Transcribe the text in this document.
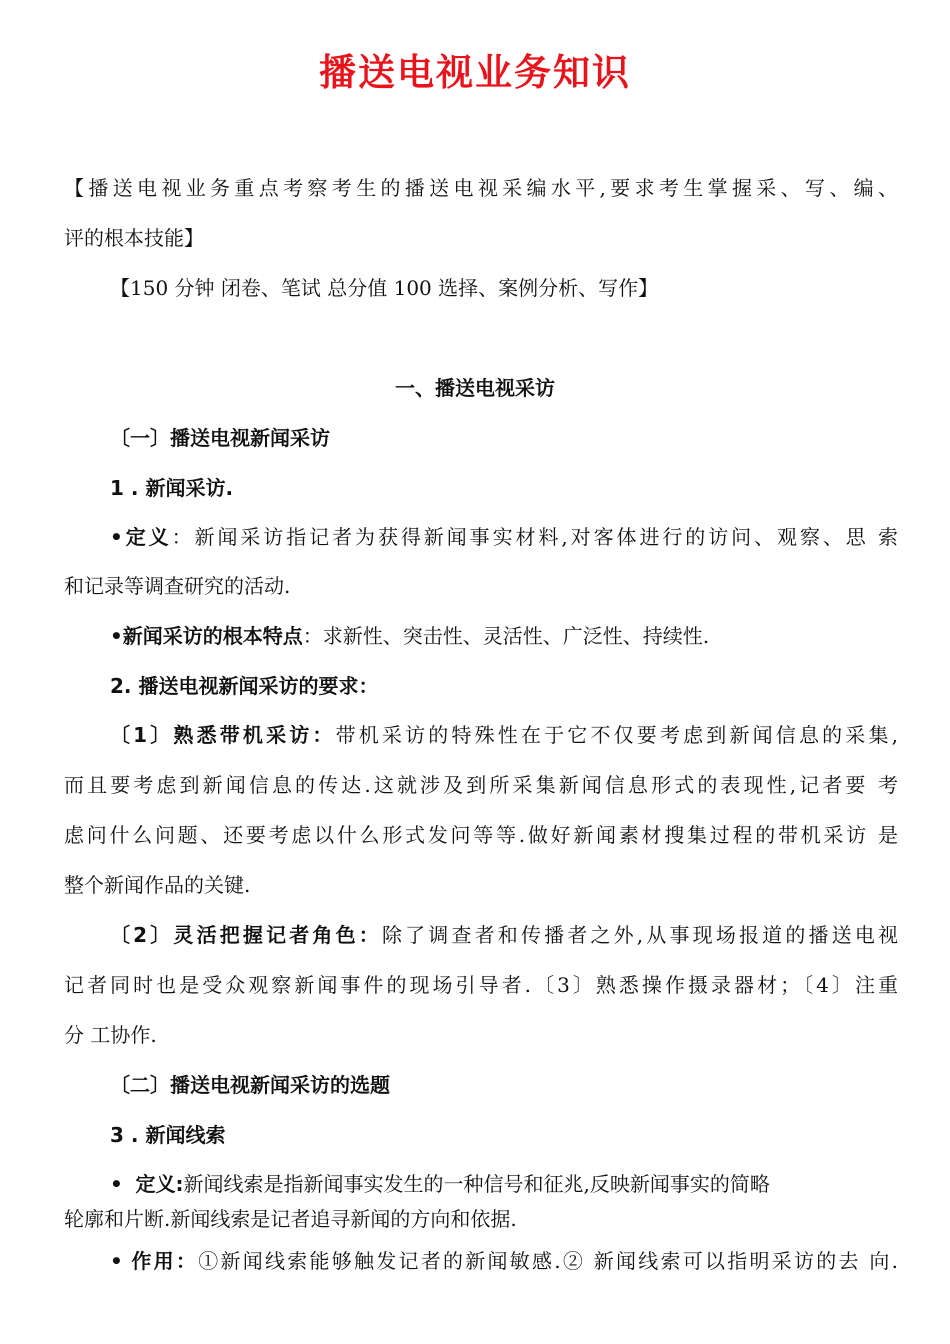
播送电视业务知识
【播送电视业务重点考察考生的播送电视采编水平,要求考生掌握采、写、编、
评的根本技能】
【150 分钟 闭卷、笔试 总分值 100 选择、案例分析、写作】
一、播送电视采访
〔一〕播送电视新闻采访
1 . 新闻采访.
•定义：新闻采访指记者为获得新闻事实材料,对客体进行的访问、观察、思 索
和记录等调查研究的活动.
•新闻采访的根本特点：求新性、突击性、灵活性、广泛性、持续性.
2. 播送电视新闻采访的要求：
〔1〕熟悉带机采访：带机采访的特殊性在于它不仅要考虑到新闻信息的采集,
而且要考虑到新闻信息的传达.这就涉及到所采集新闻信息形式的表现性,记者要 考
虑问什么问题、还要考虑以什么形式发问等等.做好新闻素材搜集过程的带机采访 是
整个新闻作品的关键.
〔2〕灵活把握记者角色：除了调查者和传播者之外,从事现场报道的播送电视
记者同时也是受众观察新闻事件的现场引导者.〔3〕熟悉操作摄录器材；〔4〕注重
分 工协作.
〔二〕播送电视新闻采访的选题
3 . 新闻线索
• 定义:新闻线索是指新闻事实发生的一种信号和征兆,反映新闻事实的简略
轮廓和片断.新闻线索是记者追寻新闻的方向和依据.
• 作用：①新闻线索能够触发记者的新闻敏感.② 新闻线索可以指明采访的去 向.
